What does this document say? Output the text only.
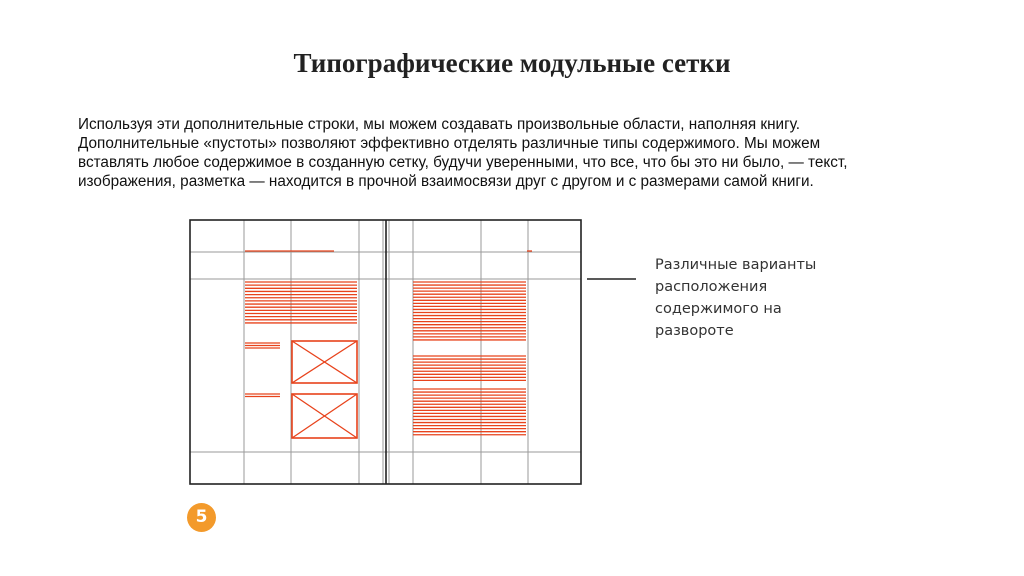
Типографические модульные сетки
Используя эти дополнительные строки, мы можем создавать произвольные области, наполняя книгу.
Дополнительные «пустоты» позволяют эффективно отделять различные типы содержимого. Мы можем
вставлять любое содержимое в созданную сетку, будучи уверенными, что все, что бы это ни было, — текст,
изображения, разметка — находится в прочной взаимосвязи друг с другом и с размерами самой книги.
Различные варианты
расположения
содержимого на
развороте
5
